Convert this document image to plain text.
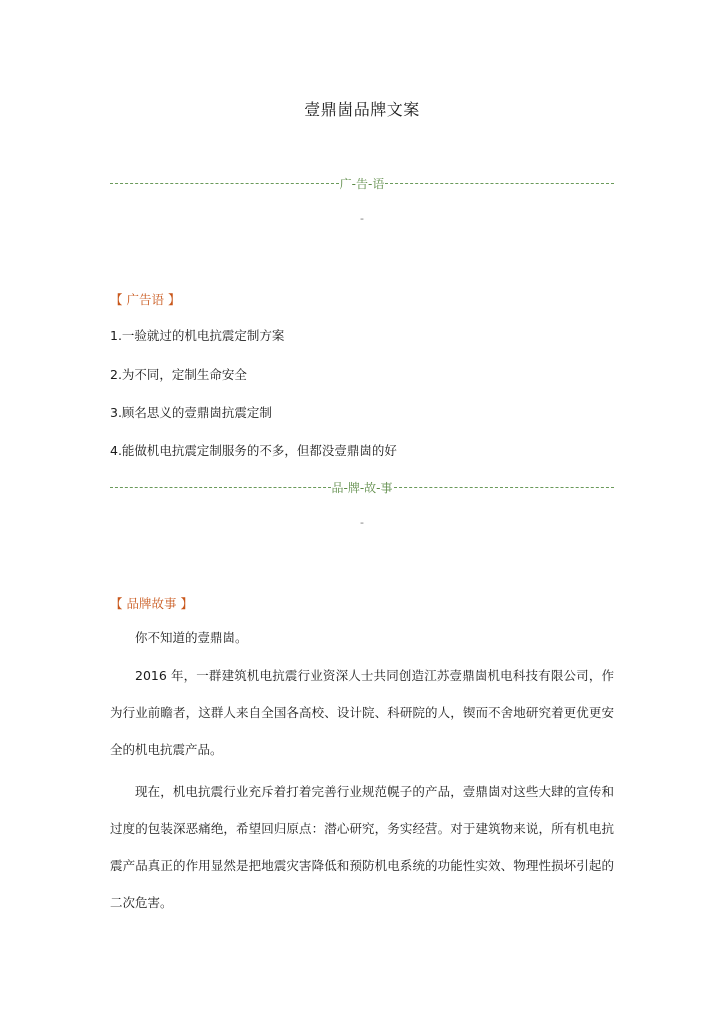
壹鼎崮品牌文案
广-告-语
-
【 广告语 】
1.一验就过的机电抗震定制方案
2.为不同，定制生命安全
3.顾名思义的壹鼎崮抗震定制
4.能做机电抗震定制服务的不多，但都没壹鼎崮的好
品-牌-故-事
-
【 品牌故事 】
你不知道的壹鼎崮。
2016 年，一群建筑机电抗震行业资深人士共同创造江苏壹鼎崮机电科技有限公司，作为行业前瞻者，这群人来自全国各高校、设计院、科研院的人，锲而不舍地研究着更优更安全的机电抗震产品。
现在，机电抗震行业充斥着打着完善行业规范幌子的产品，壹鼎崮对这些大肆的宣传和过度的包装深恶痛绝，希望回归原点：潜心研究，务实经营。对于建筑物来说，所有机电抗震产品真正的作用显然是把地震灾害降低和预防机电系统的功能性实效、物理性损坏引起的二次危害。
